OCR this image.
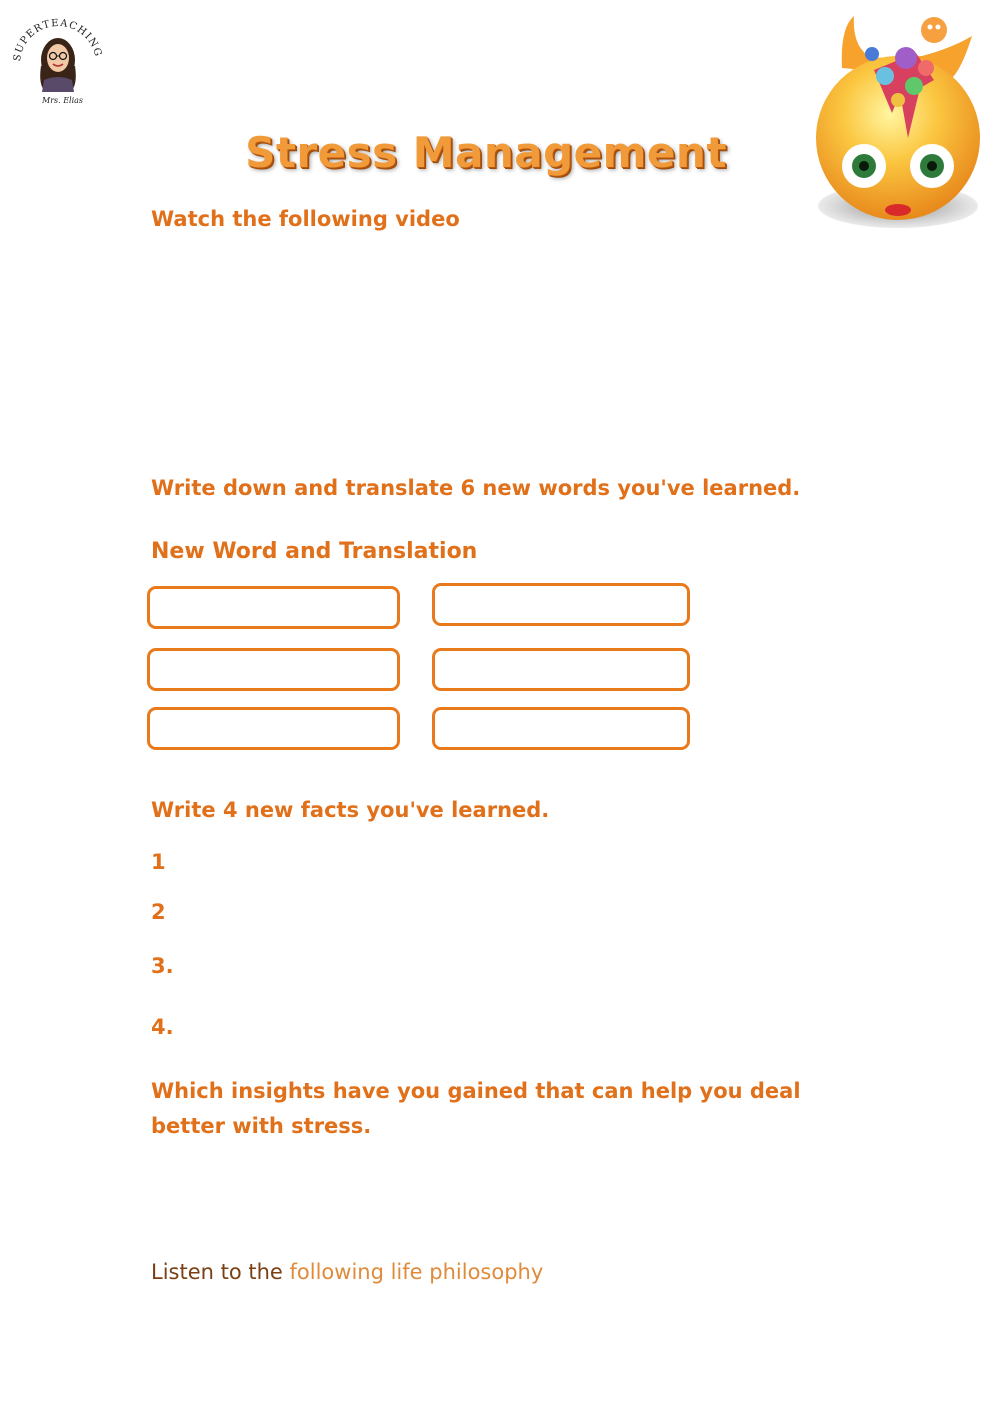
SUPERTEACHING
Mrs. Elias
Stress Management
Watch the following video
Write down and translate 6 new words you've learned.
New Word and Translation
Write 4 new facts you've learned.
1
2
3.
4.
Which insights have you gained that can help you deal better with stress.
Listen to the following life philosophy
